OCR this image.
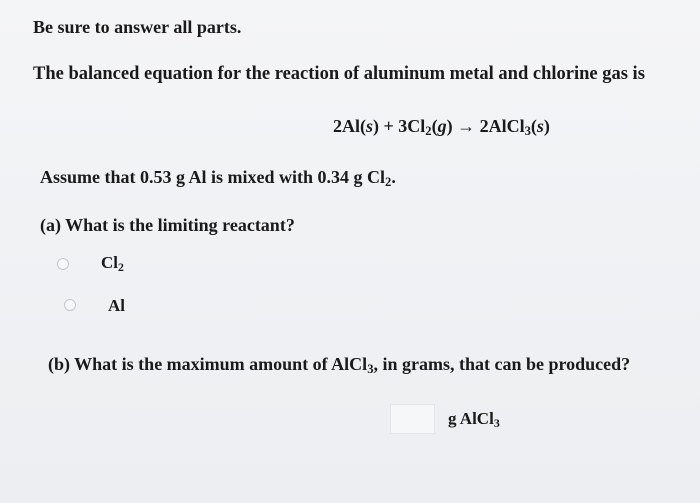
Be sure to answer all parts.
The balanced equation for the reaction of aluminum metal and chlorine gas is
$2Al(s) + 3Cl_2(g)$ → 2AlCl$_3$(s)
Assume that 0.53 g Al is mixed with 0.34 g $Cl_2$.
(a) What is the limiting reactant?
$Cl_2$
Al
(b) What is the maximum amount of AlCl$_3$, in grams, that can be produced?
g AlCl$_3$
